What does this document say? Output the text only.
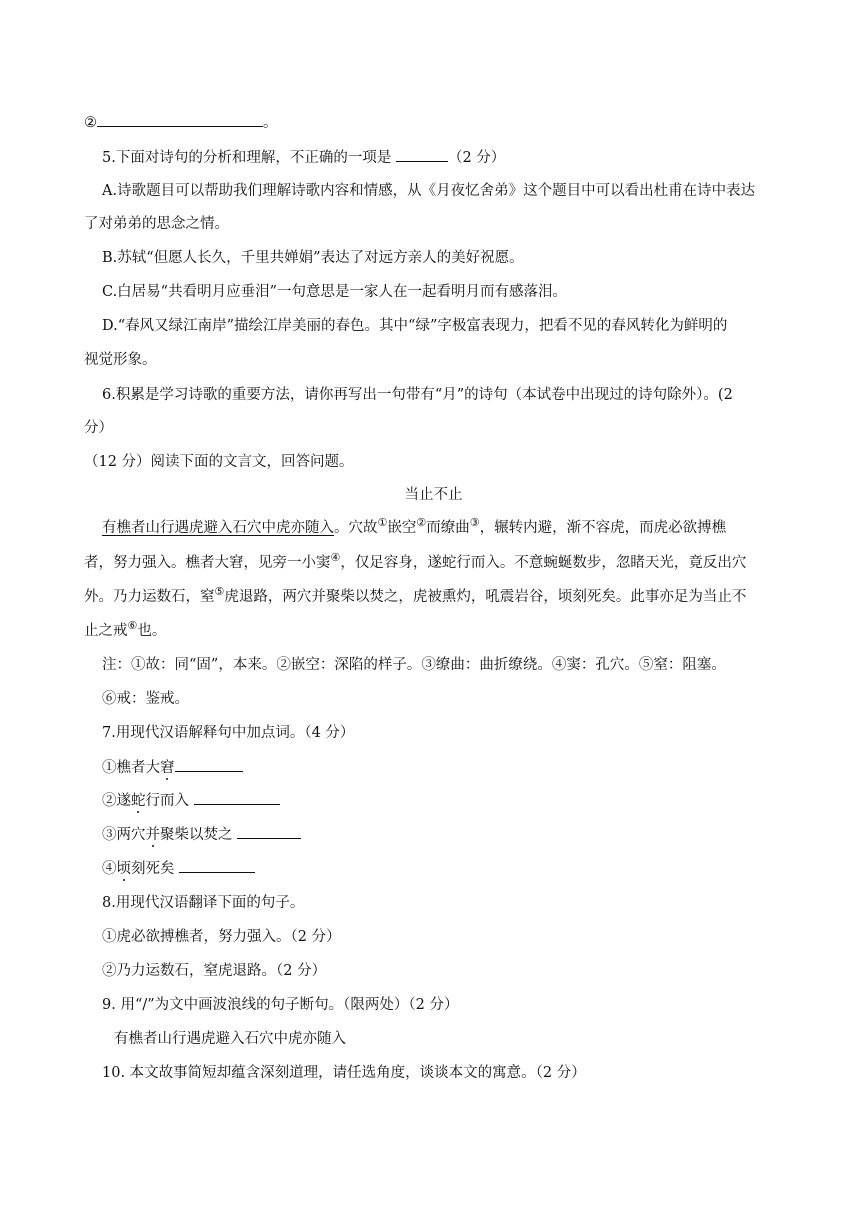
②	。
5.下面对诗句的分析和理解，不正确的一项是	（2 分）
A.诗歌题目可以帮助我们理解诗歌内容和情感，从《月夜忆舍弟》这个题目中可以看出杜甫在诗中表达
了对弟弟的思念之情。
B.苏轼“但愿人长久，千里共婵娟”表达了对远方亲人的美好祝愿。
C.白居易“共看明月应垂泪”一句意思是一家人在一起看明月而有感落泪。
D.“春风又绿江南岸”描绘江岸美丽的春色。其中“绿”字极富表现力，把看不见的春风转化为鲜明的
视觉形象。
6.积累是学习诗歌的重要方法，请你再写出一句带有“月”的诗句（本试卷中出现过的诗句除外）。(2
分）
（12 分）阅读下面的文言文，回答问题。
当止不止
有樵者山行遇虎避入石穴中虎亦随入。穴故①嵌空②而缭曲③，辗转内避，渐不容虎，而虎必欲搏樵
者，努力强入。樵者大窘，见旁一小窦④，仅足容身，遂蛇行而入。不意蜿蜒数步，忽睹天光，竟反出穴
外。乃力运数石，窒⑤虎退路，两穴并聚柴以焚之，虎被熏灼，吼震岩谷，顷刻死矣。此事亦足为当止不
止之戒⑥也。
注：①故：同“固”，本来。②嵌空：深陷的样子。③缭曲：曲折缭绕。④窦：孔穴。⑤窒：阻塞。
⑥戒：鉴戒。
7.用现代汉语解释句中加点词。（4 分）
①樵者大窘
②遂蛇行而入
③两穴并聚柴以焚之
④顷刻死矣
8.用现代汉语翻译下面的句子。
①虎必欲搏樵者，努力强入。（2 分）
②乃力运数石，窒虎退路。（2 分）
9. 用“/”为文中画波浪线的句子断句。（限两处）（2 分）
有樵者山行遇虎避入石穴中虎亦随入
10. 本文故事简短却蕴含深刻道理，请任选角度，谈谈本文的寓意。（2 分）
